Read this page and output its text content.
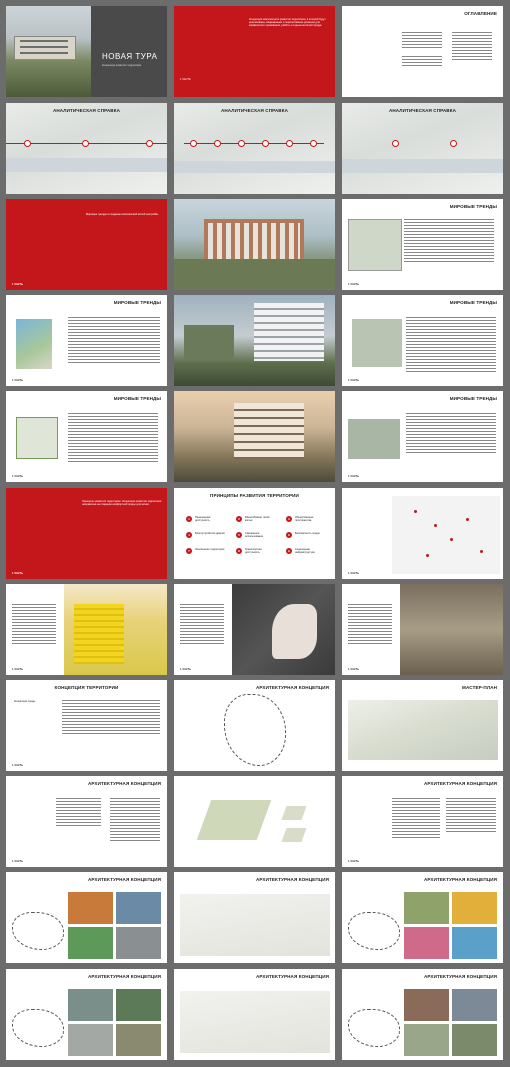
НОВАЯ ТУРА
Концепция развития территории
Концепция комплексного развития территории, в которой будут реализованы современные и перспективные решения для комфортного проживания, работы и отдыха жителей города.
1 ЧАСТЬ
ОГЛАВЛЕНИЕ
АНАЛИТИЧЕСКАЯ СПРАВКА	АНАЛИТИЧЕСКАЯ СПРАВКА	АНАЛИТИЧЕСКАЯ СПРАВКА
Мировые тренды в создании комплексной жилой застройки.
1 ЧАСТЬ
МИРОВЫЕ ТРЕНДЫ
1 ЧАСТЬ
МИРОВЫЕ ТРЕНДЫ
1 ЧАСТЬ
МИРОВЫЕ ТРЕНДЫ
1 ЧАСТЬ
МИРОВЫЕ ТРЕНДЫ
1 ЧАСТЬ
МИРОВЫЕ ТРЕНДЫ
1 ЧАСТЬ
Принципы развития территории. Концепция развития территории направлена на создание комфортной среды для жизни.
1 ЧАСТЬ
ПРИНЦИПЫ РАЗВИТИЯ ТЕРРИТОРИИ
1	Пешеходная доступность	2	Разнообразие типов жилья	3	Общественные пространства
4	Благоустройство дворов	5	Смешанное использование	6	Безопасность среды
7	Озеленение территории	8	Транспортная доступность	9	Социальная инфраструктура
1 ЧАСТЬ
1 ЧАСТЬ	1 ЧАСТЬ	1 ЧАСТЬ
КОНЦЕПЦИЯ ТЕРРИТОРИИ
Концепция среды
1 ЧАСТЬ
АРХИТЕКТУРНАЯ КОНЦЕПЦИЯ	МАСТЕР-ПЛАН
АРХИТЕКТУРНАЯ КОНЦЕПЦИЯ
1 ЧАСТЬ
АРХИТЕКТУРНАЯ КОНЦЕПЦИЯ
1 ЧАСТЬ
АРХИТЕКТУРНАЯ КОНЦЕПЦИЯ	АРХИТЕКТУРНАЯ КОНЦЕПЦИЯ	АРХИТЕКТУРНАЯ КОНЦЕПЦИЯ
АРХИТЕКТУРНАЯ КОНЦЕПЦИЯ	АРХИТЕКТУРНАЯ КОНЦЕПЦИЯ	АРХИТЕКТУРНАЯ КОНЦЕПЦИЯ
